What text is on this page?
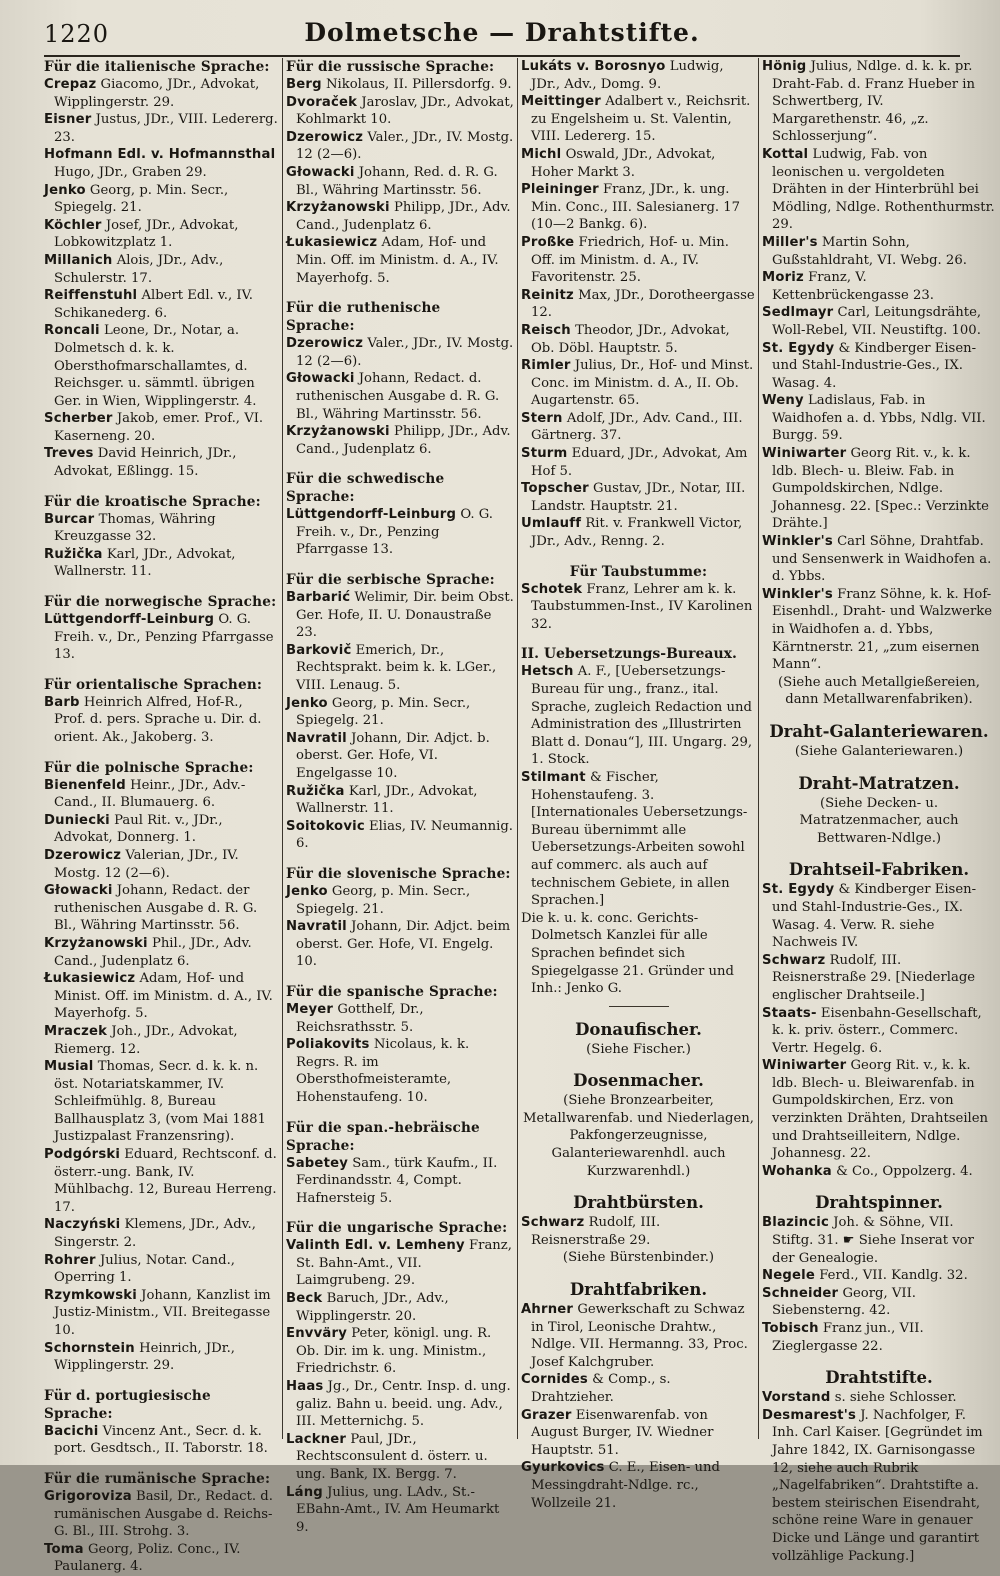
1220	Dolmetsche — Drahtstifte.
Für die italienische Sprache:
Crepaz Giacomo, JDr., Advokat, Wipplingerstr. 29.
Eisner Justus, JDr., VIII. Ledererg. 23.
Hofmann Edl. v. Hofmannsthal Hugo, JDr., Graben 29.
Jenko Georg, p. Min. Secr., Spiegelg. 21.
Köchler Josef, JDr., Advokat, Lobkowitzplatz 1.
Millanich Alois, JDr., Adv., Schulerstr. 17.
Reiffenstuhl Albert Edl. v., IV. Schikanederg. 6.
Roncali Leone, Dr., Notar, a. Dolmetsch d. k. k. Obersthofmarschallamtes, d. Reichsger. u. sämmtl. übrigen Ger. in Wien, Wipplingerstr. 4.
Scherber Jakob, emer. Prof., VI. Kaserneng. 20.
Treves David Heinrich, JDr., Advokat, Eßlingg. 15.
Für die kroatische Sprache:
Burcar Thomas, Währing Kreuzgasse 32.
Ružička Karl, JDr., Advokat, Wallnerstr. 11.
Für die norwegische Sprache:
Lüttgendorff-Leinburg O. G. Freih. v., Dr., Penzing Pfarrgasse 13.
Für orientalische Sprachen:
Barb Heinrich Alfred, Hof-R., Prof. d. pers. Sprache u. Dir. d. orient. Ak., Jakoberg. 3.
Für die polnische Sprache:
Bienenfeld Heinr., JDr., Adv.-Cand., II. Blumauerg. 6.
Duniecki Paul Rit. v., JDr., Advokat, Donnerg. 1.
Dzerowicz Valerian, JDr., IV. Mostg. 12 (2—6).
Głowacki Johann, Redact. der ruthenischen Ausgabe d. R. G. Bl., Währing Martinsstr. 56.
Krzyżanowski Phil., JDr., Adv. Cand., Judenplatz 6.
Łukasiewicz Adam, Hof- und Minist. Off. im Ministm. d. A., IV. Mayerhofg. 5.
Mraczek Joh., JDr., Advokat, Riemerg. 12.
Musial Thomas, Secr. d. k. k. n. öst. Notariatskammer, IV. Schleifmühlg. 8, Bureau Ballhausplatz 3, (vom Mai 1881 Justizpalast Franzensring).
Podgórski Eduard, Rechtsconf. d. österr.-ung. Bank, IV. Mühlbachg. 12, Bureau Herreng. 17.
Naczyński Klemens, JDr., Adv., Singerstr. 2.
Rohrer Julius, Notar. Cand., Operring 1.
Rzymkowski Johann, Kanzlist im Justiz-Ministm., VII. Breitegasse 10.
Schornstein Heinrich, JDr., Wipplingerstr. 29.
Für d. portugiesische Sprache:
Bacichi Vincenz Ant., Secr. d. k. port. Gesdtsch., II. Taborstr. 18.
Für die rumänische Sprache:
Grigoroviza Basil, Dr., Redact. d. rumänischen Ausgabe d. Reichs-G. Bl., III. Strohg. 3.
Toma Georg, Poliz. Conc., IV. Paulanerg. 4.
Für die russische Sprache:
Berg Nikolaus, II. Pillersdorfg. 9.
Dvoraček Jaroslav, JDr., Advokat, Kohlmarkt 10.
Dzerowicz Valer., JDr., IV. Mostg. 12 (2—6).
Głowacki Johann, Red. d. R. G. Bl., Währing Martinsstr. 56.
Krzyżanowski Philipp, JDr., Adv. Cand., Judenplatz 6.
Łukasiewicz Adam, Hof- und Min. Off. im Ministm. d. A., IV. Mayerhofg. 5.
Für die ruthenische Sprache:
Dzerowicz Valer., JDr., IV. Mostg. 12 (2—6).
Głowacki Johann, Redact. d. ruthenischen Ausgabe d. R. G. Bl., Währing Martinsstr. 56.
Krzyżanowski Philipp, JDr., Adv. Cand., Judenplatz 6.
Für die schwedische Sprache:
Lüttgendorff-Leinburg O. G. Freih. v., Dr., Penzing Pfarrgasse 13.
Für die serbische Sprache:
Barbarić Welimir, Dir. beim Obst. Ger. Hofe, II. U. Donaustraße 23.
Barkovič Emerich, Dr., Rechtsprakt. beim k. k. LGer., VIII. Lenaug. 5.
Jenko Georg, p. Min. Secr., Spiegelg. 21.
Navratil Johann, Dir. Adjct. b. oberst. Ger. Hofe, VI. Engelgasse 10.
Ružička Karl, JDr., Advokat, Wallnerstr. 11.
Soitokovic Elias, IV. Neumannig. 6.
Für die slovenische Sprache:
Jenko Georg, p. Min. Secr., Spiegelg. 21.
Navratil Johann, Dir. Adjct. beim oberst. Ger. Hofe, VI. Engelg. 10.
Für die spanische Sprache:
Meyer Gotthelf, Dr., Reichsrathsstr. 5.
Poliakovits Nicolaus, k. k. Regrs. R. im Obersthofmeisteramte, Hohenstaufeng. 10.
Für die span.-hebräische Sprache:
Sabetey Sam., türk Kaufm., II. Ferdinandsstr. 4, Compt. Hafnersteig 5.
Für die ungarische Sprache:
Valinth Edl. v. Lemheny Franz, St. Bahn-Amt., VII. Laimgrubeng. 29.
Beck Baruch, JDr., Adv., Wipplingerstr. 20.
Envväry Peter, königl. ung. R. Ob. Dir. im k. ung. Ministm., Friedrichstr. 6.
Haas Jg., Dr., Centr. Insp. d. ung. galiz. Bahn u. beeid. ung. Adv., III. Metternichg. 5.
Lackner Paul, JDr., Rechtsconsulent d. österr. u. ung. Bank, IX. Bergg. 7.
Láng Julius, ung. LAdv., St.-EBahn-Amt., IV. Am Heumarkt 9.
Lukáts v. Borosnyo Ludwig, JDr., Adv., Domg. 9.
Meittinger Adalbert v., Reichsrit. zu Engelsheim u. St. Valentin, VIII. Ledererg. 15.
Michl Oswald, JDr., Advokat, Hoher Markt 3.
Pleininger Franz, JDr., k. ung. Min. Conc., III. Salesianerg. 17 (10—2 Bankg. 6).
Proßke Friedrich, Hof- u. Min. Off. im Ministm. d. A., IV. Favoritenstr. 25.
Reinitz Max, JDr., Dorotheergasse 12.
Reisch Theodor, JDr., Advokat, Ob. Döbl. Hauptstr. 5.
Rimler Julius, Dr., Hof- und Minst. Conc. im Ministm. d. A., II. Ob. Augartenstr. 65.
Stern Adolf, JDr., Adv. Cand., III. Gärtnerg. 37.
Sturm Eduard, JDr., Advokat, Am Hof 5.
Topscher Gustav, JDr., Notar, III. Landstr. Hauptstr. 21.
Umlauff Rit. v. Frankwell Victor, JDr., Adv., Renng. 2.
Für Taubstumme:
Schotek Franz, Lehrer am k. k. Taubstummen-Inst., IV Karolinen 32.
II. Uebersetzungs-Bureaux.
Hetsch A. F., [Uebersetzungs-Bureau für ung., franz., ital. Sprache, zugleich Redaction und Administration des „Illustrirten Blatt d. Donau“], III. Ungarg. 29, 1. Stock.
Stilmant & Fischer, Hohenstaufeng. 3. [Internationales Uebersetzungs-Bureau übernimmt alle Uebersetzungs-Arbeiten sowohl auf commerc. als auch auf technischem Gebiete, in allen Sprachen.]
Die k. u. k. conc. Gerichts-Dolmetsch Kanzlei für alle Sprachen befindet sich Spiegelgasse 21. Gründer und Inh.: Jenko G.
Donaufischer.
(Siehe Fischer.)
Dosenmacher.
(Siehe Bronzearbeiter, Metallwarenfab. und Niederlagen, Pakfongerzeugnisse, Galanteriewarenhdl. auch Kurzwarenhdl.)
Drahtbürsten.
Schwarz Rudolf, III. Reisnerstraße 29.
(Siehe Bürstenbinder.)
Drahtfabriken.
Ahrner Gewerkschaft zu Schwaz in Tirol, Leonische Drahtw., Ndlge. VII. Hermanng. 33, Proc. Josef Kalchgruber.
Cornides & Comp., s. Drahtzieher.
Grazer Eisenwarenfab. von August Burger, IV. Wiedner Hauptstr. 51.
Gyurkovics C. E., Eisen- und Messingdraht-Ndlge. rc., Wollzeile 21.
Hönig Julius, Ndlge. d. k. k. pr. Draht-Fab. d. Franz Hueber in Schwertberg, IV. Margarethenstr. 46, „z. Schlosserjung“.
Kottal Ludwig, Fab. von leonischen u. vergoldeten Drähten in der Hinterbrühl bei Mödling, Ndlge. Rothenthurmstr. 29.
Miller's Martin Sohn, Gußstahldraht, VI. Webg. 26.
Moriz Franz, V. Kettenbrückengasse 23.
Sedlmayr Carl, Leitungsdrähte, Woll-Rebel, VII. Neustiftg. 100.
St. Egydy & Kindberger Eisen- und Stahl-Industrie-Ges., IX. Wasag. 4.
Weny Ladislaus, Fab. in Waidhofen a. d. Ybbs, Ndlg. VII. Burgg. 59.
Winiwarter Georg Rit. v., k. k. ldb. Blech- u. Bleiw. Fab. in Gumpoldskirchen, Ndlge. Johannesg. 22. [Spec.: Verzinkte Drähte.]
Winkler's Carl Söhne, Drahtfab. und Sensenwerk in Waidhofen a. d. Ybbs.
Winkler's Franz Söhne, k. k. Hof-Eisenhdl., Draht- und Walzwerke in Waidhofen a. d. Ybbs, Kärntnerstr. 21, „zum eisernen Mann“.
(Siehe auch Metallgießereien, dann Metallwarenfabriken).
Draht-Galanteriewaren.
(Siehe Galanteriewaren.)
Draht-Matratzen.
(Siehe Decken- u. Matratzenmacher, auch Bettwaren-Ndlge.)
Drahtseil-Fabriken.
St. Egydy & Kindberger Eisen- und Stahl-Industrie-Ges., IX. Wasag. 4. Verw. R. siehe Nachweis IV.
Schwarz Rudolf, III. Reisnerstraße 29. [Niederlage englischer Drahtseile.]
Staats- Eisenbahn-Gesellschaft, k. k. priv. österr., Commerc. Vertr. Hegelg. 6.
Winiwarter Georg Rit. v., k. k. ldb. Blech- u. Bleiwarenfab. in Gumpoldskirchen, Erz. von verzinkten Drähten, Drahtseilen und Drahtseilleitern, Ndlge. Johannesg. 22.
Wohanka & Co., Oppolzerg. 4.
Drahtspinner.
Blazincic Joh. & Söhne, VII. Stiftg. 31. ☛ Siehe Inserat vor der Genealogie.
Negele Ferd., VII. Kandlg. 32.
Schneider Georg, VII. Siebensterng. 42.
Tobisch Franz jun., VII. Zieglergasse 22.
Drahtstifte.
Vorstand s. siehe Schlosser.
Desmarest's J. Nachfolger, F. Inh. Carl Kaiser. [Gegründet im Jahre 1842, IX. Garnisongasse 12, siehe auch Rubrik „Nagelfabriken“. Drahtstifte a. bestem steirischen Eisendraht, schöne reine Ware in genauer Dicke und Länge und garantirt vollzählige Packung.]
